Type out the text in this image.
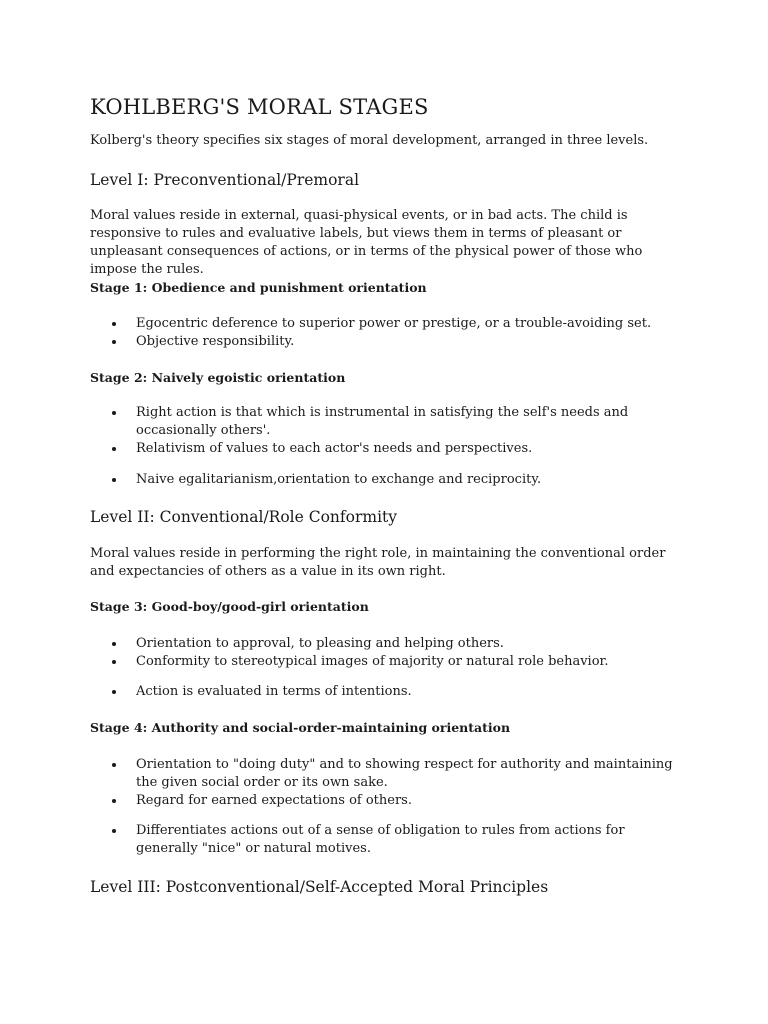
KOHLBERG'S MORAL STAGES

Kolberg's theory specifies six stages of moral development, arranged in three levels.

Level I: Preconventional/Premoral

Moral values reside in external, quasi-physical events, or in bad acts. The child is responsive to rules and evaluative labels, but views them in terms of pleasant or unpleasant consequences of actions, or in terms of the physical power of those who impose the rules.

Stage 1: Obedience and punishment orientation
Egocentric deference to superior power or prestige, or a trouble-avoiding set.
Objective responsibility.
Stage 2: Naively egoistic orientation
Right action is that which is instrumental in satisfying the self's needs and occasionally others'.
Relativism of values to each actor's needs and perspectives.
Naive egalitarianism,orientation to exchange and reciprocity.
Level II: Conventional/Role Conformity

Moral values reside in performing the right role, in maintaining the conventional order and expectancies of others as a value in its own right.

Stage 3: Good-boy/good-girl orientation
Orientation to approval, to pleasing and helping others.
Conformity to stereotypical images of majority or natural role behavior.
Action is evaluated in terms of intentions.
Stage 4: Authority and social-order-maintaining orientation
Orientation to "doing duty" and to showing respect for authority and maintaining the given social order or its own sake.
Regard for earned expectations of others.
Differentiates actions out of a sense of obligation to rules from actions for generally "nice" or natural motives.
Level III: Postconventional/Self-Accepted Moral Principles
